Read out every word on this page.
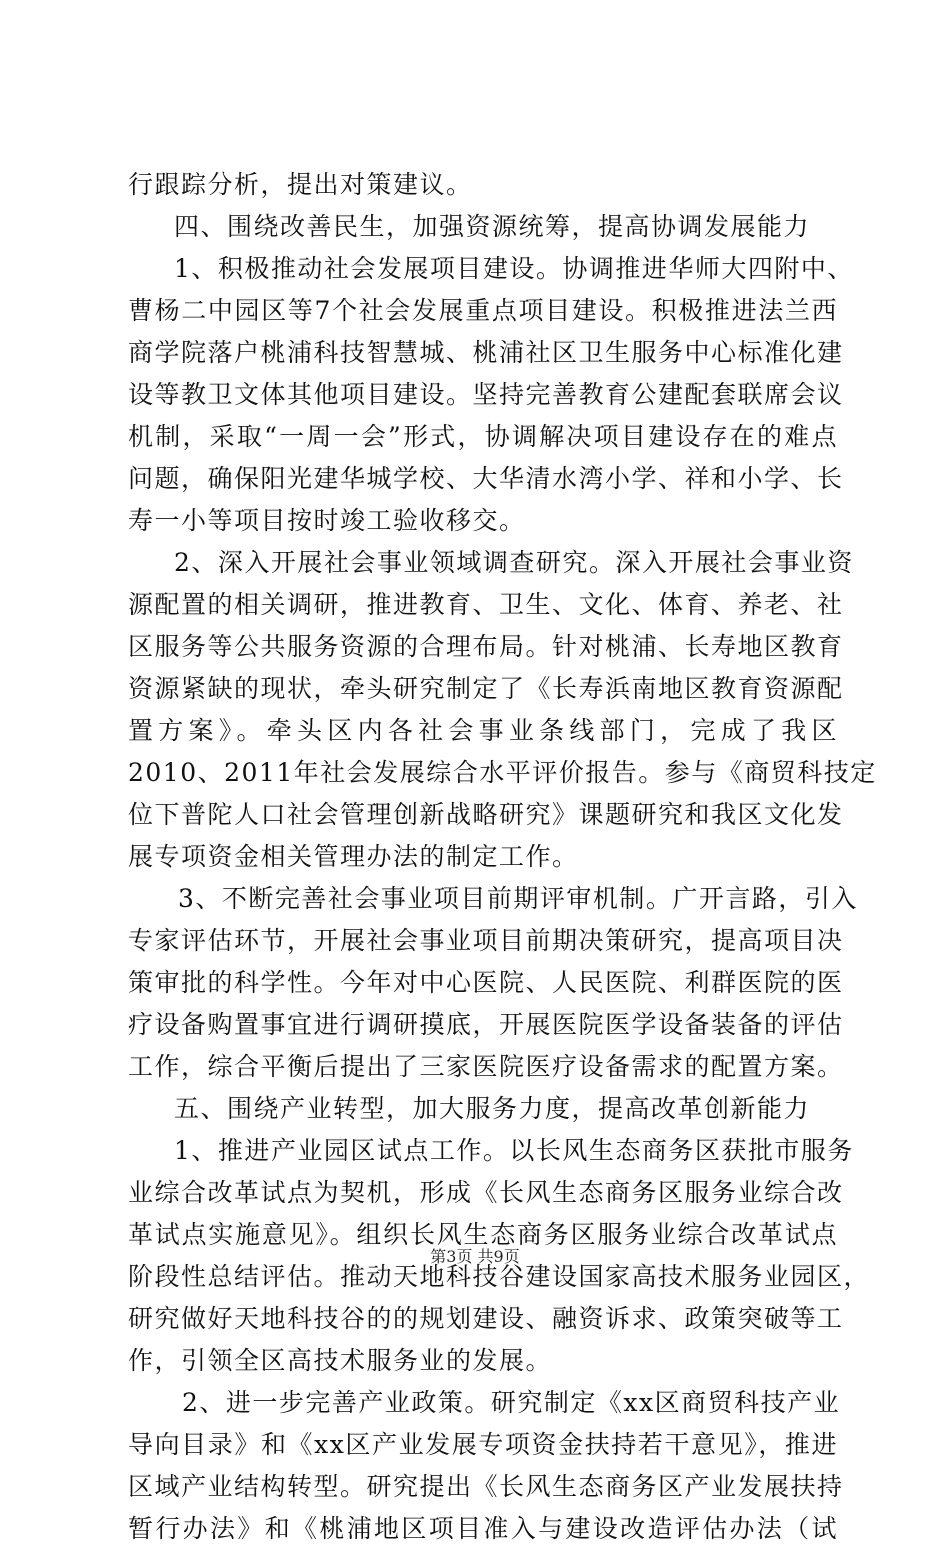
行跟踪分析，提出对策建议。
四、围绕改善民生，加强资源统筹，提高协调发展能力
1、积极推动社会发展项目建设。协调推进华师大四附中、
曹杨二中园区等7个社会发展重点项目建设。积极推进法兰西
商学院落户桃浦科技智慧城、桃浦社区卫生服务中心标准化建
设等教卫文体其他项目建设。坚持完善教育公建配套联席会议
机制，采取“一周一会”形式，协调解决项目建设存在的难点
问题，确保阳光建华城学校、大华清水湾小学、祥和小学、长
寿一小等项目按时竣工验收移交。
2、深入开展社会事业领域调查研究。深入开展社会事业资
源配置的相关调研，推进教育、卫生、文化、体育、养老、社
区服务等公共服务资源的合理布局。针对桃浦、长寿地区教育
资源紧缺的现状，牵头研究制定了《长寿浜南地区教育资源配
置方案》。牵头区内各社会事业条线部门，完成了我区
2010、2011年社会发展综合水平评价报告。参与《商贸科技定
位下普陀人口社会管理创新战略研究》课题研究和我区文化发
展专项资金相关管理办法的制定工作。
3、不断完善社会事业项目前期评审机制。广开言路，引入
专家评估环节，开展社会事业项目前期决策研究，提高项目决
策审批的科学性。今年对中心医院、人民医院、利群医院的医
疗设备购置事宜进行调研摸底，开展医院医学设备装备的评估
工作，综合平衡后提出了三家医院医疗设备需求的配置方案。
五、围绕产业转型，加大服务力度，提高改革创新能力
1、推进产业园区试点工作。以长风生态商务区获批市服务
业综合改革试点为契机，形成《长风生态商务区服务业综合改
革试点实施意见》。组织长风生态商务区服务业综合改革试点
阶段性总结评估。推动天地科技谷建设国家高技术服务业园区，
研究做好天地科技谷的的规划建设、融资诉求、政策突破等工
作，引领全区高技术服务业的发展。
2、进一步完善产业政策。研究制定《xx区商贸科技产业
导向目录》和《xx区产业发展专项资金扶持若干意见》，推进
区域产业结构转型。研究提出《长风生态商务区产业发展扶持
暂行办法》和《桃浦地区项目准入与建设改造评估办法（试
第3页 共9页
